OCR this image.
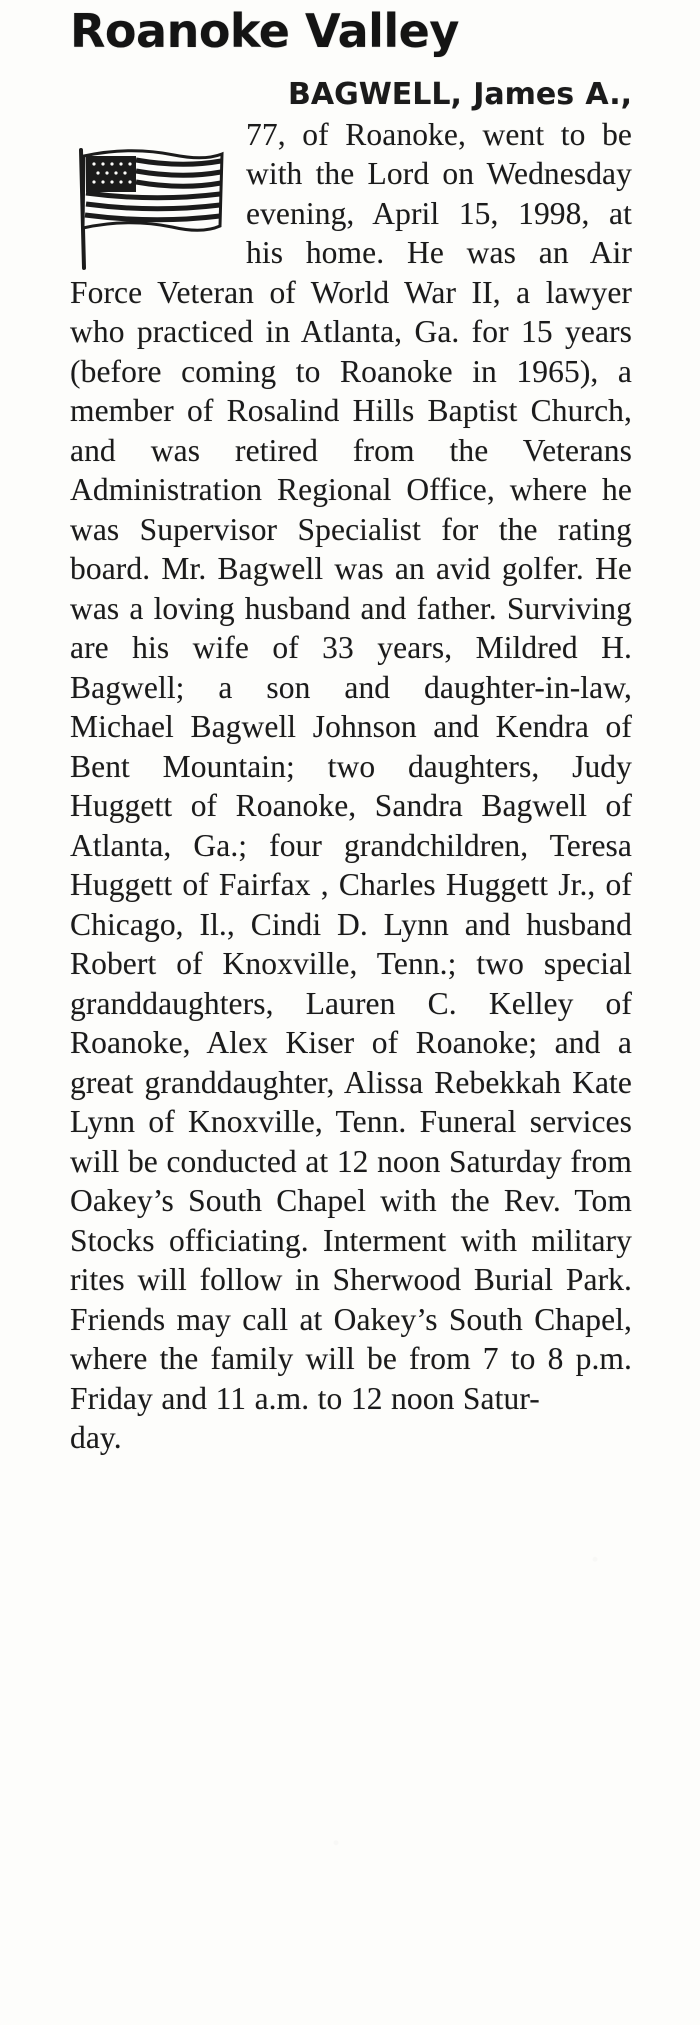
Roanoke Valley
BAGWELL, James A., 77, of Roanoke, went to be with the Lord on Wednesday evening, April 15, 1998, at his home. He was an Air Force Veteran of World War II, a lawyer who practiced in Atlanta, Ga. for 15 years (before coming to Roanoke in 1965), a member of Rosalind Hills Baptist Church, and was retired from the Veterans Administration Regional Office, where he was Supervisor Specialist for the rating board. Mr. Bagwell was an avid golfer. He was a loving husband and father. Surviving are his wife of 33 years, Mildred H. Bagwell; a son and daughter-in-law, Michael Bagwell Johnson and Kendra of Bent Mountain; two daughters, Judy Huggett of Roanoke, Sandra Bagwell of Atlanta, Ga.; four grandchildren, Teresa Huggett of Fairfax , Charles Huggett Jr., of Chicago, Il., Cindi D. Lynn and husband Robert of Knoxville, Tenn.; two special granddaughters, Lauren C. Kelley of Roanoke, Alex Kiser of Roanoke; and a great granddaughter, Alissa Rebekkah Kate Lynn of Knoxville, Tenn. Funeral services will be conducted at 12 noon Saturday from Oakey’s South Chapel with the Rev. Tom Stocks officiating. Interment with military rites will follow in Sherwood Burial Park. Friends may call at Oakey’s South Chapel, where the family will be from 7 to 8 p.m. Friday and 11 a.m. to 12 noon Satur-
day.
